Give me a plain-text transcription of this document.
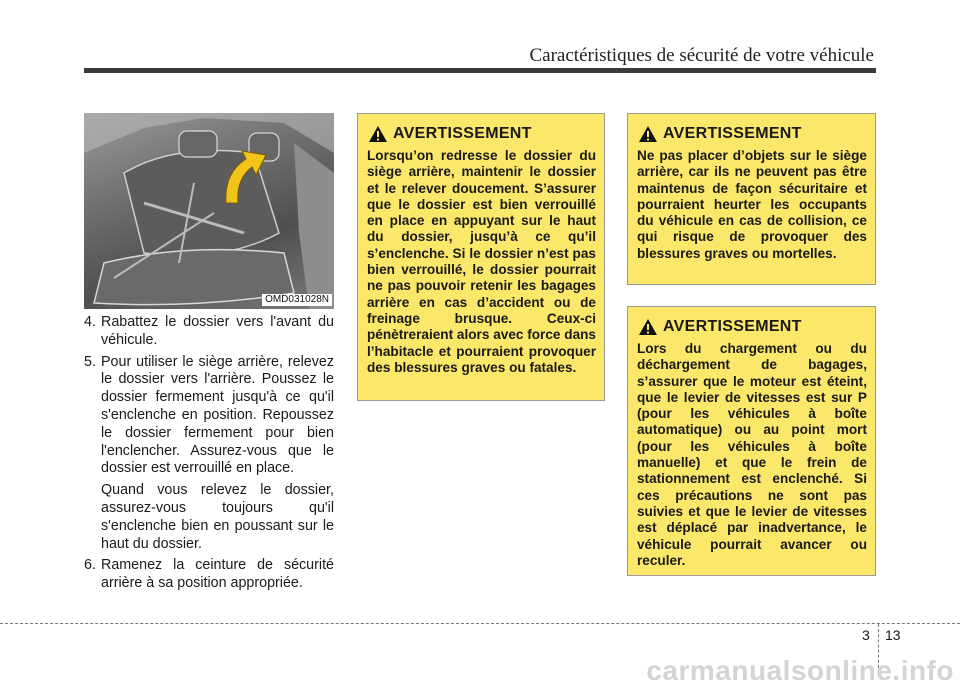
Caractéristiques de sécurité de votre véhicule
OMD031028N
4. Rabattez le dossier vers l'avant du véhicule.
5. Pour utiliser le siège arrière, relevez le dossier vers l'arrière. Poussez le dossier fermement jusqu'à ce qu'il s'enclenche en position. Repoussez le dossier fermement pour bien l'enclencher. Assurez-vous que le dossier est verrouillé en place.

Quand vous relevez le dossier, assurez-vous toujours qu'il s'enclenche bien en poussant sur le haut du dossier.

6. Ramenez la ceinture de sécurité arrière à sa position appropriée.
AVERTISSEMENT

Lorsqu’on redresse le dossier du siège arrière, maintenir le dossier et le relever doucement. S’assurer que le dossier est bien verrouillé en place en appuyant sur le haut du dossier, jusqu’à ce qu’il s’enclenche. Si le dossier n’est pas bien verrouillé, le dossier pourrait ne pas pouvoir retenir les bagages arrière en cas d’accident ou de freinage brusque. Ceux-ci pénètreraient alors avec force dans l’habitacle et pourraient provoquer des blessures graves ou fatales.

AVERTISSEMENT

Ne pas placer d’objets sur le siège arrière, car ils ne peuvent pas être maintenus de façon sécuritaire et pourraient heurter les occupants du véhicule en cas de collision, ce qui risque de provoquer des blessures graves ou mortelles.

AVERTISSEMENT

Lors du chargement ou du déchargement de bagages, s’assurer que le moteur est éteint, que le levier de vitesses est sur P (pour les véhicules à boîte automatique) ou au point mort (pour les véhicules à boîte manuelle) et que le frein de stationnement est enclenché. Si ces précautions ne sont pas suivies et que le levier de vitesses est déplacé par inadvertance, le véhicule pourrait avancer ou reculer.

3 13
carmanualsonline.info
